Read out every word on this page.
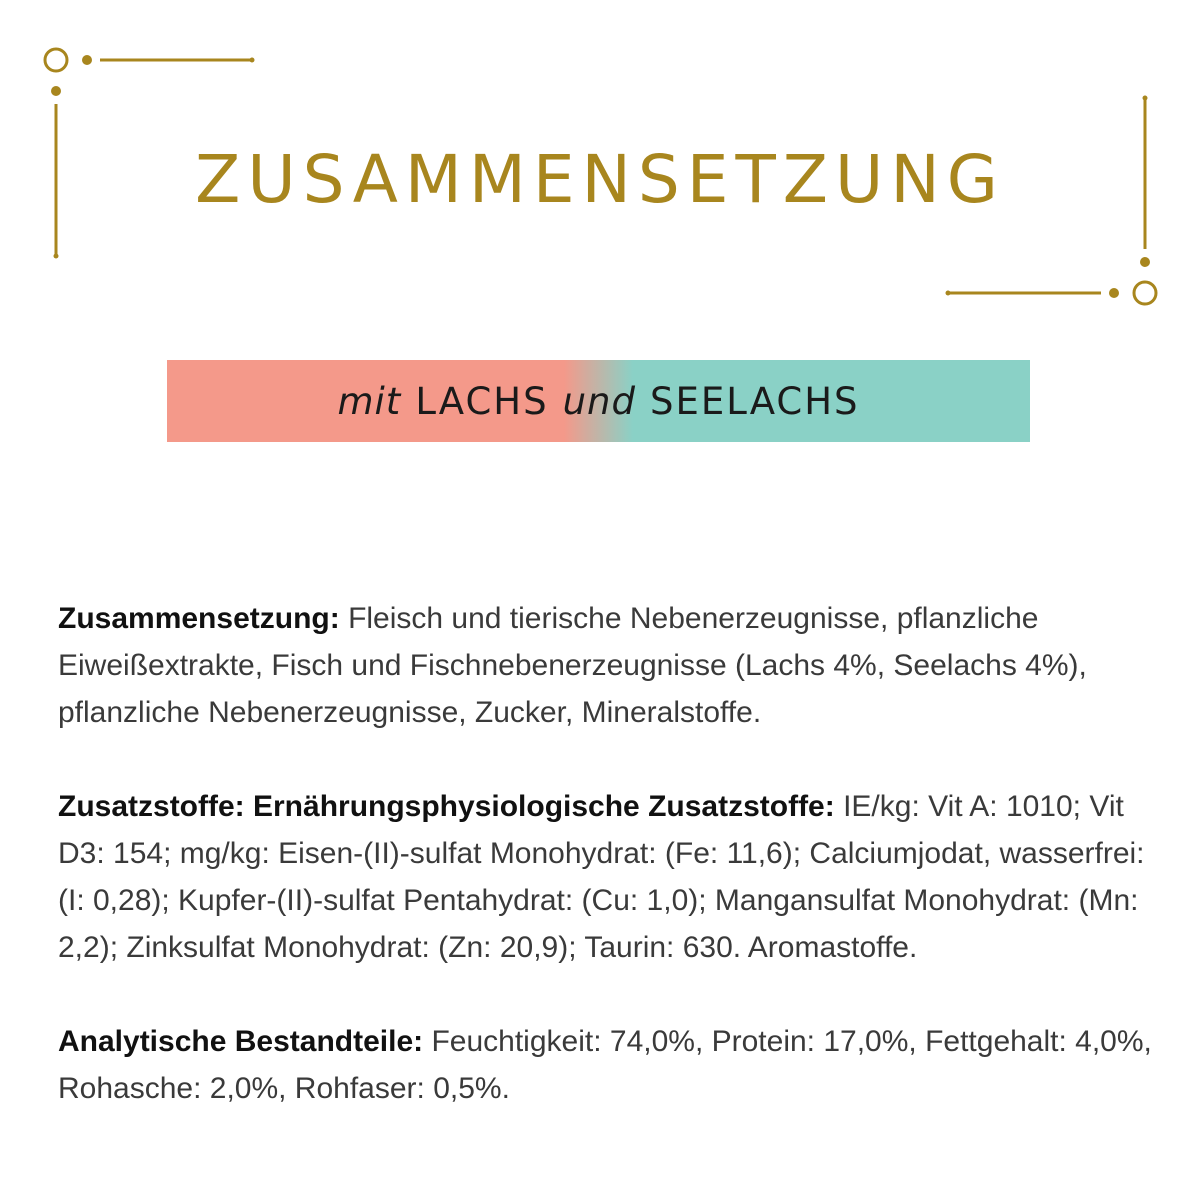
ZUSAMMENSETZUNG
mit LACHS und SEELACHS

Zusammensetzung: Fleisch und tierische Nebenerzeugnisse, pflanzliche Eiweißextrakte, Fisch und Fischnebenerzeugnisse (Lachs 4%, Seelachs 4%), pflanzliche Nebenerzeugnisse, Zucker, Mineralstoffe.

Zusatzstoffe: Ernährungsphysiologische Zusatzstoffe: IE/kg: Vit A: 1010; Vit D3: 154; mg/kg: Eisen-(II)-sulfat Monohydrat: (Fe: 11,6); Calciumjodat, wasserfrei: (I: 0,28); Kupfer-(II)-sulfat Pentahydrat: (Cu: 1,0); Mangansulfat Monohydrat: (Mn: 2,2); Zinksulfat Monohydrat: (Zn: 20,9); Taurin: 630. Aromastoffe.

Analytische Bestandteile: Feuchtigkeit: 74,0%, Protein: 17,0%, Fettgehalt: 4,0%, Rohasche: 2,0%, Rohfaser: 0,5%.
